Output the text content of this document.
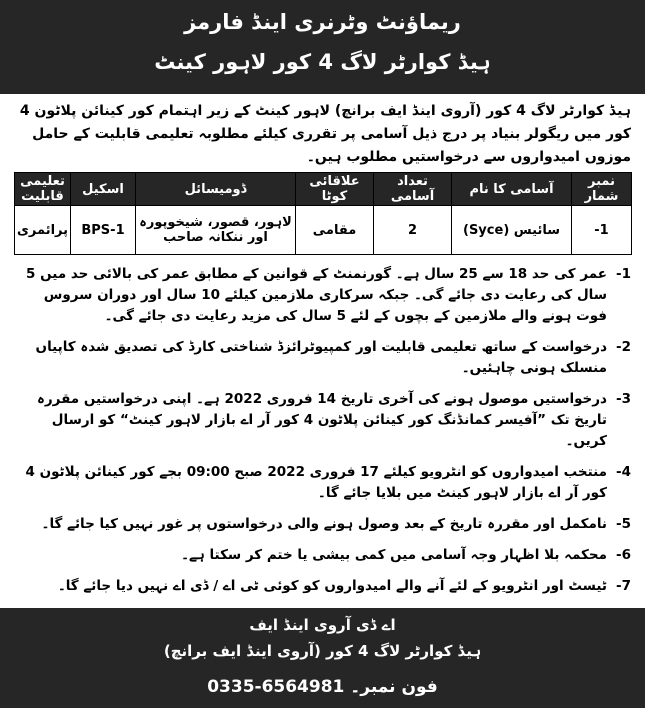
ریماؤنٹ وٹرنری اینڈ فارمز
ہیڈ کوارٹر لاگ 4 کور لاہور کینٹ
ہیڈ کوارٹر لاگ 4 کور (آروی اینڈ ایف برانچ) لاہور کینٹ کے زیر اہتمام کور کینائن پلاٹون 4 کور میں ریگولر بنیاد پر درج ذیل آسامی پر تقرری کیلئے مطلوبہ تعلیمی قابلیت کے حامل موزوں امیدواروں سے درخواستیں مطلوب ہیں۔
نمبر شمار	آسامی کا نام	تعداد آسامی	علاقائی کوٹا	ڈومیسائل	اسکیل	تعلیمی قابلیت
1-	سائیس (Syce)	2	مقامی	لاہور، قصور، شیخوپورہ اور ننکانہ صاحب	BPS-1	پرائمری
1-
عمر کی حد 18 سے 25 سال ہے۔ گورنمنٹ کے قوانین کے مطابق عمر کی بالائی حد میں 5 سال کی رعایت دی جائے گی۔ جبکہ سرکاری ملازمین کیلئے 10 سال اور دوران سروس فوت ہونے والے ملازمین کے بچوں کے لئے 5 سال کی مزید رعایت دی جائے گی۔
2-
درخواست کے ساتھ تعلیمی قابلیت اور کمپیوٹرائزڈ شناختی کارڈ کی تصدیق شدہ کاپیاں منسلک ہونی چاہئیں۔
3-
درخواستیں موصول ہونے کی آخری تاریخ 14 فروری 2022 ہے۔ اپنی درخواستیں مقررہ تاریخ تک ”آفیسر کمانڈنگ کور کینائن پلاٹون 4 کور آر اے بازار لاہور کینٹ“ کو ارسال کریں۔
4-
منتخب امیدواروں کو انٹرویو کیلئے 17 فروری 2022 صبح 09:00 بجے کور کینائن پلاٹون 4 کور آر اے بازار لاہور کینٹ میں بلایا جائے گا۔
5-
نامکمل اور مقررہ تاریخ کے بعد وصول ہونے والی درخواستوں پر غور نہیں کیا جائے گا۔
6-
محکمہ بلا اظہار وجہ آسامی میں کمی بیشی یا ختم کر سکتا ہے۔
7-
ٹیسٹ اور انٹرویو کے لئے آنے والے امیدواروں کو کوئی ٹی اے / ڈی اے نہیں دیا جائے گا۔
اے ڈی آروی اینڈ ایف
ہیڈ کوارٹر لاگ 4 کور (آروی اینڈ ایف برانچ)
فون نمبر۔ 0335-6564981
